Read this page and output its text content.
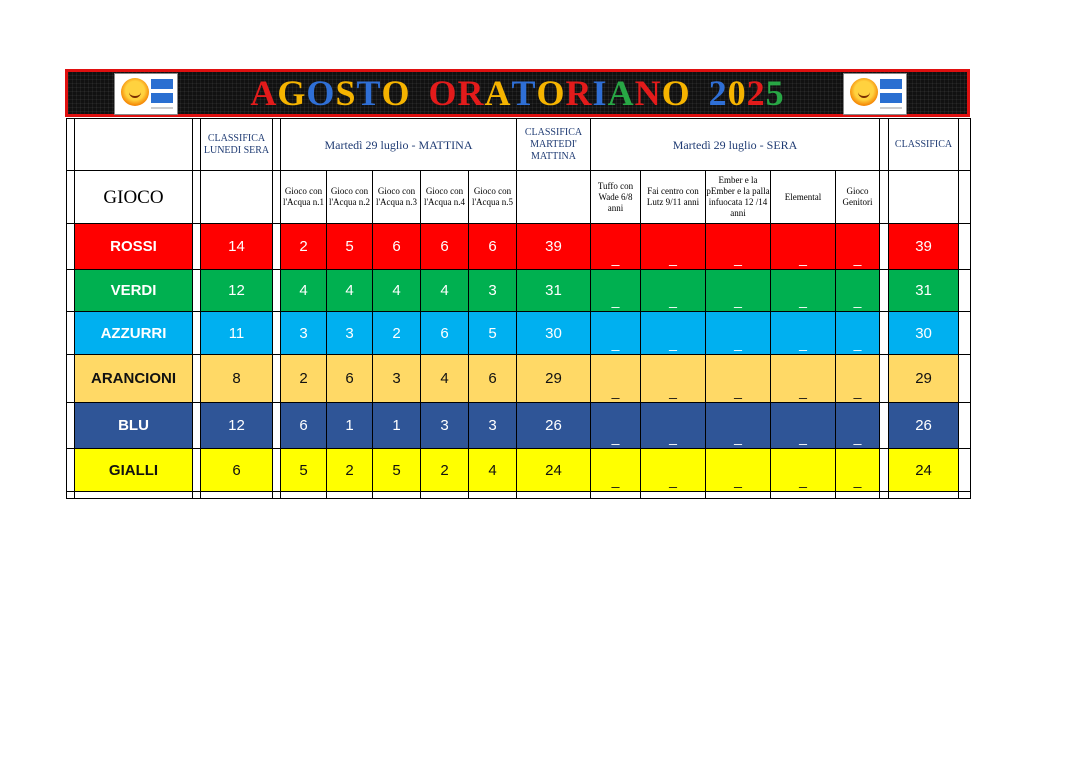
A G O S T O O R A T O R I A N O 2 0 2 5
			CLASSIFICA LUNEDI SERA		Martedì 29 luglio - MATTINA					CLASSIFICA MARTEDI' MATTINA	Martedì 29 luglio - SERA						CLASSIFICA	
	GIOCO				Gioco con l'Acqua n.1	Gioco con l'Acqua n.2	Gioco con l'Acqua n.3	Gioco con l'Acqua n.4	Gioco con l'Acqua n.5		Tuffo con Wade 6/8 anni	Fai centro con Lutz 9/11 anni	Ember e la pEmber e la palla infuocata 12 /14 anni	Elemental	Gioco Genitori			
	ROSSI		14		2	5	6	6	6	39	_	_	_	_	_		39	
	VERDI		12		4	4	4	4	3	31	_	_	_	_	_		31	
	AZZURRI		11		3	3	2	6	5	30	_	_	_	_	_		30	
	ARANCIONI		8		2	6	3	4	6	29	_	_	_	_	_		29	
	BLU		12		6	1	1	3	3	26	_	_	_	_	_		26	
	GIALLI		6		5	2	5	2	4	24	_	_	_	_	_		24	
